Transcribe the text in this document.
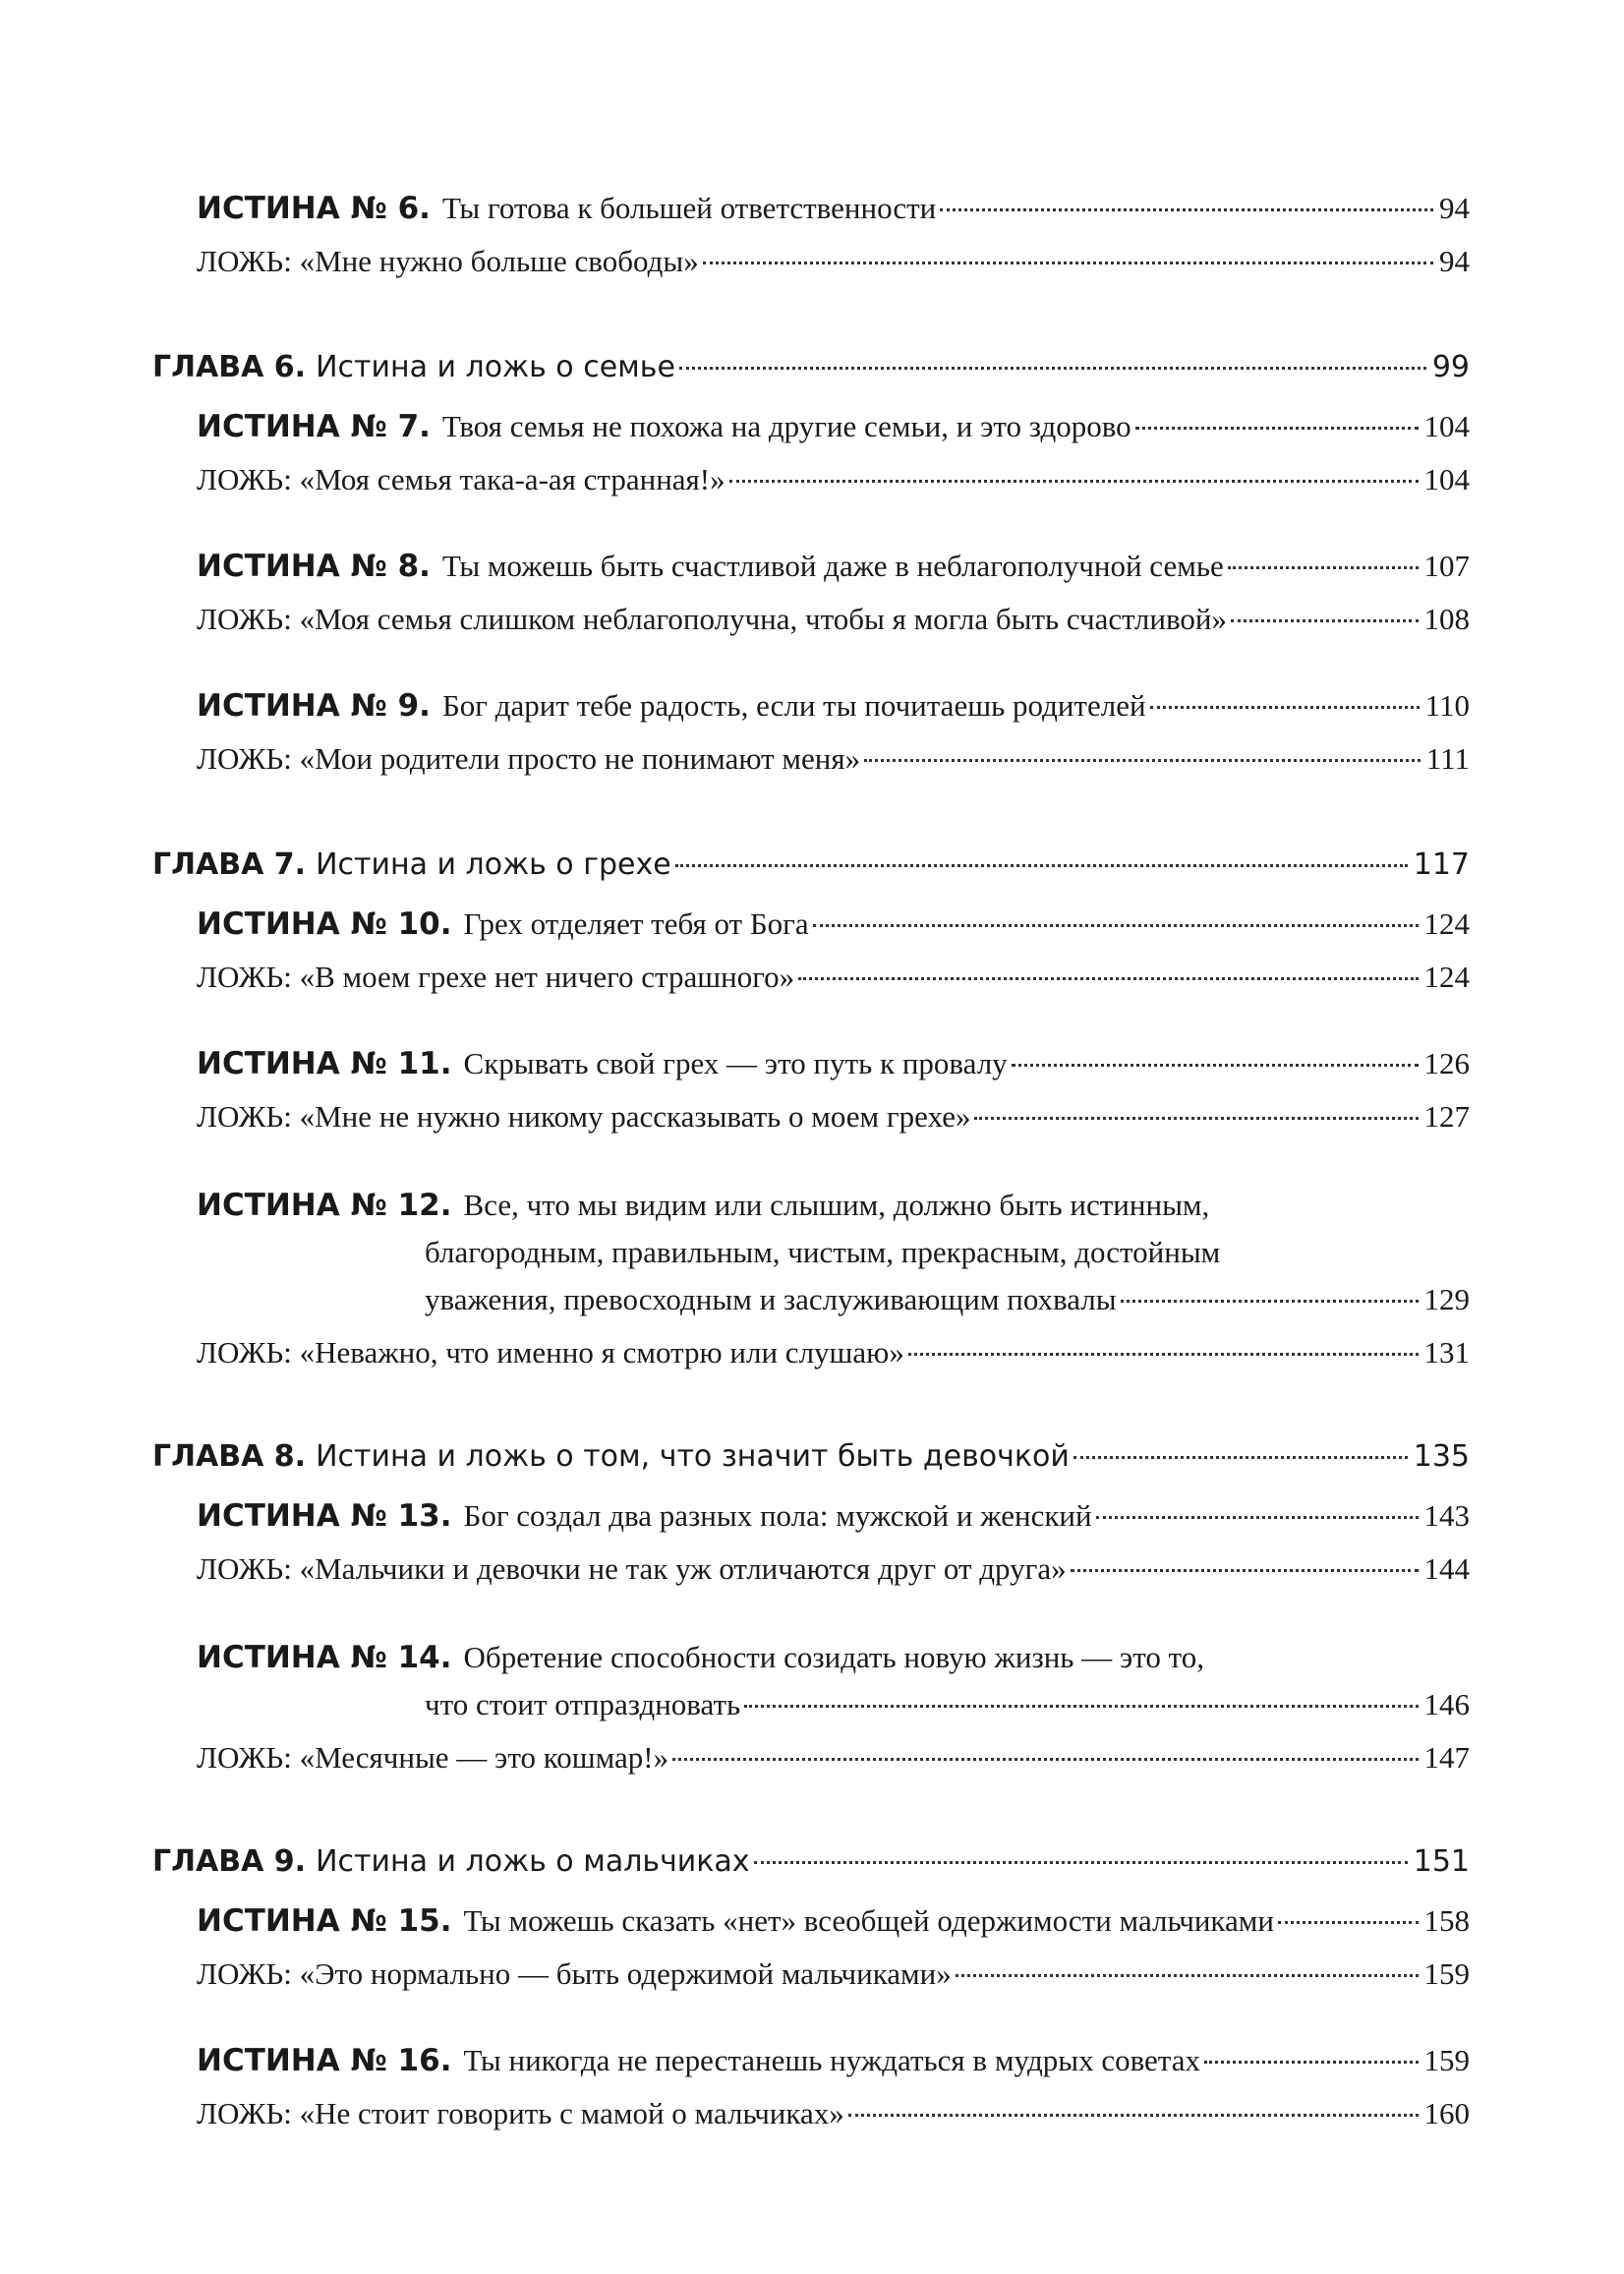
ИСТИНА № 6. Ты готова к большей ответственности	94
ЛОЖЬ: «Мне нужно больше свободы»	94
ГЛАВА 6. Истина и ложь о семье	99
ИСТИНА № 7. Твоя семья не похожа на другие семьи, и это здорово	104
ЛОЖЬ: «Моя семья така-а-ая странная!»	104
ИСТИНА № 8. Ты можешь быть счастливой даже в неблагополучной семье	107
ЛОЖЬ: «Моя семья слишком неблагополучна, чтобы я могла быть счастливой»	108
ИСТИНА № 9. Бог дарит тебе радость, если ты почитаешь родителей	110
ЛОЖЬ: «Мои родители просто не понимают меня»	111
ГЛАВА 7. Истина и ложь о грехе	117
ИСТИНА № 10. Грех отделяет тебя от Бога	124
ЛОЖЬ: «В моем грехе нет ничего страшного»	124
ИСТИНА № 11. Скрывать свой грех — это путь к провалу	126
ЛОЖЬ: «Мне не нужно никому рассказывать о моем грехе»	127
ИСТИНА № 12. Все, что мы видим или слышим, должно быть истинным,
благородным, правильным, чистым, прекрасным, достойным
уважения, превосходным и заслуживающим похвалы	129
ЛОЖЬ: «Неважно, что именно я смотрю или слушаю»	131
ГЛАВА 8. Истина и ложь о том, что значит быть девочкой	135
ИСТИНА № 13. Бог создал два разных пола: мужской и женский	143
ЛОЖЬ: «Мальчики и девочки не так уж отличаются друг от друга»	144
ИСТИНА № 14. Обретение способности созидать новую жизнь — это то,
что стоит отпраздновать	146
ЛОЖЬ: «Месячные — это кошмар!»	147
ГЛАВА 9. Истина и ложь о мальчиках	151
ИСТИНА № 15. Ты можешь сказать «нет» всеобщей одержимости мальчиками	158
ЛОЖЬ: «Это нормально — быть одержимой мальчиками»	159
ИСТИНА № 16. Ты никогда не перестанешь нуждаться в мудрых советах	159
ЛОЖЬ: «Не стоит говорить с мамой о мальчиках»	160
